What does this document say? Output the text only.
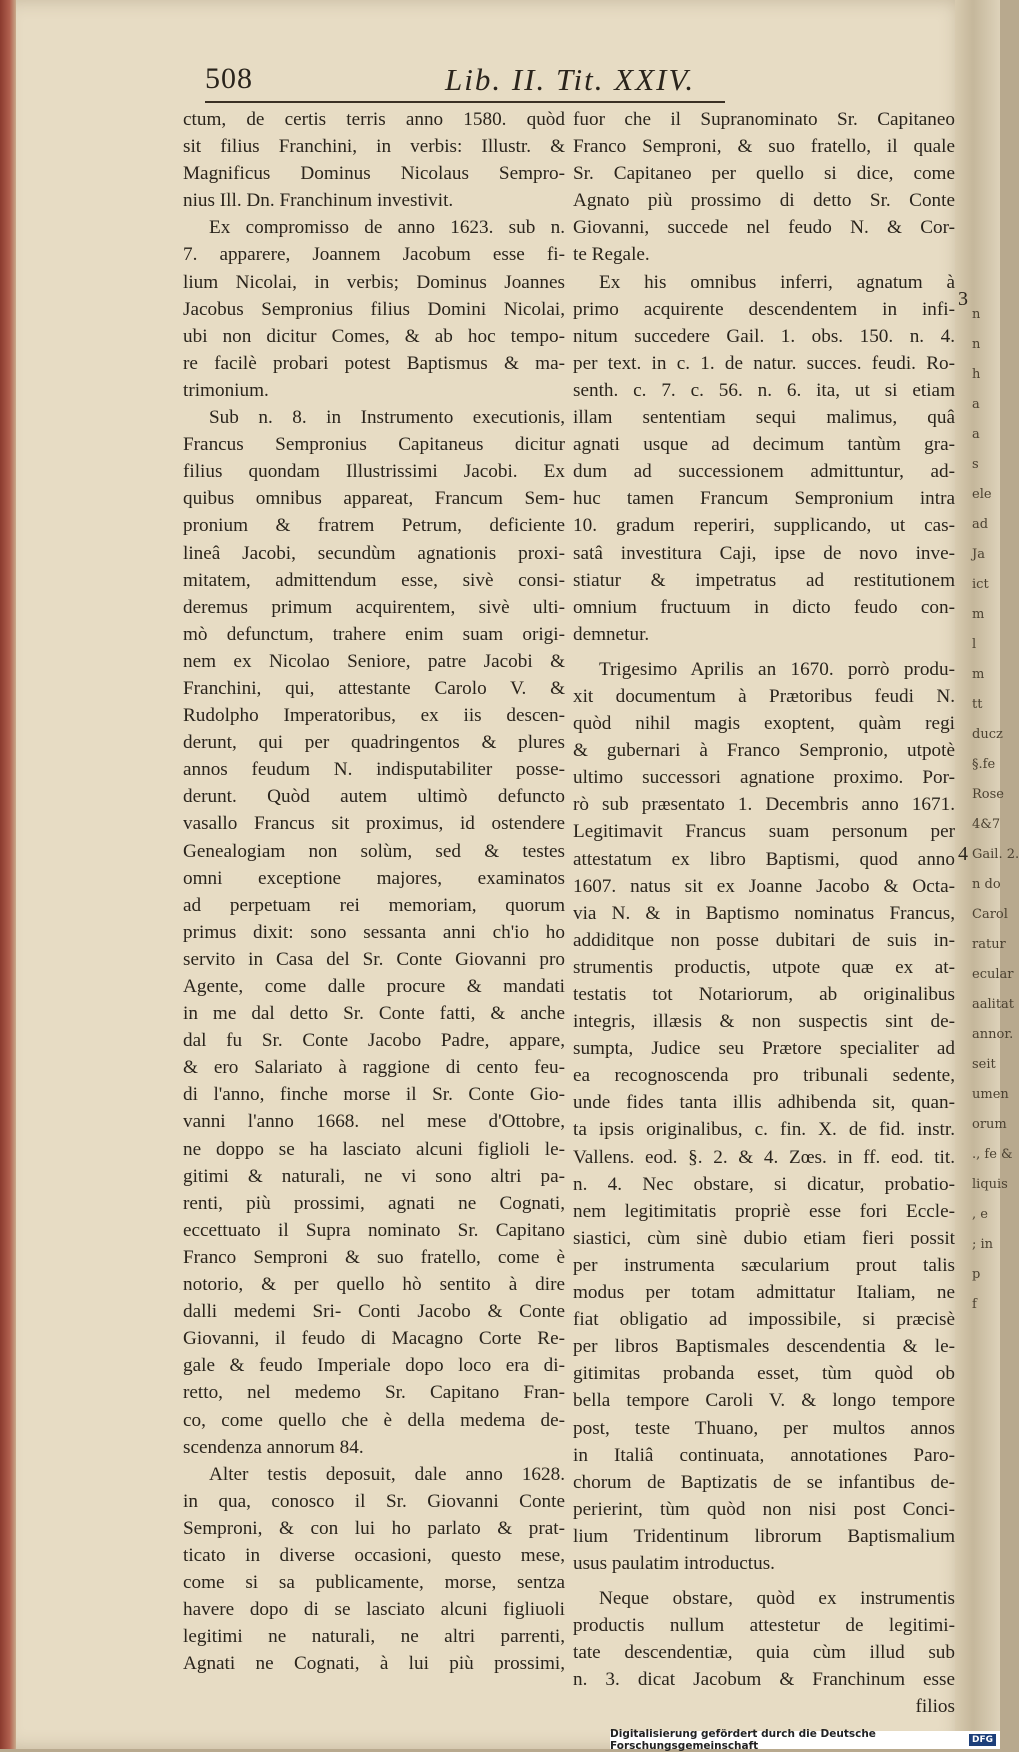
508	Lib. II. Tit. XXIV.
ctum, de certis terris anno 1580. quòd
sit filius Franchini, in verbis: Illustr. &
Magnificus Dominus Nicolaus Sempro-
nius Ill. Dn. Franchinum investivit.
Ex compromisso de anno 1623. sub n.
7. apparere, Joannem Jacobum esse fi-
lium Nicolai, in verbis; Dominus Joannes
Jacobus Sempronius filius Domini Nicolai,
ubi non dicitur Comes, & ab hoc tempo-
re facilè probari potest Baptismus & ma-
trimonium.
Sub n. 8. in Instrumento executionis,
Francus Sempronius Capitaneus dicitur
filius quondam Illustrissimi Jacobi. Ex
quibus omnibus appareat, Francum Sem-
pronium & fratrem Petrum, deficiente
lineâ Jacobi, secundùm agnationis proxi-
mitatem, admittendum esse, sivè consi-
deremus primum acquirentem, sivè ulti-
mò defunctum, trahere enim suam origi-
nem ex Nicolao Seniore, patre Jacobi &
Franchini, qui, attestante Carolo V. &
Rudolpho Imperatoribus, ex iis descen-
derunt, qui per quadringentos & plures
annos feudum N. indisputabiliter posse-
derunt. Quòd autem ultimò defuncto
vasallo Francus sit proximus, id ostendere
Genealogiam non solùm, sed & testes
omni exceptione majores, examinatos
ad perpetuam rei memoriam, quorum
primus dixit: sono sessanta anni ch'io ho
servito in Casa del Sr. Conte Giovanni pro
Agente, come dalle procure & mandati
in me dal detto Sr. Conte fatti, & anche
dal fu Sr. Conte Jacobo Padre, appare,
& ero Salariato à raggione di cento feu-
di l'anno, finche morse il Sr. Conte Gio-
vanni l'anno 1668. nel mese d'Ottobre,
ne doppo se ha lasciato alcuni figlioli le-
gitimi & naturali, ne vi sono altri pa-
renti, più prossimi, agnati ne Cognati,
eccettuato il Supra nominato Sr. Capitano
Franco Semproni & suo fratello, come è
notorio, & per quello hò sentito à dire
dalli medemi Sri- Conti Jacobo & Conte
Giovanni, il feudo di Macagno Corte Re-
gale & feudo Imperiale dopo loco era di-
retto, nel medemo Sr. Capitano Fran-
co, come quello che è della medema de-
scendenza annorum 84.
Alter testis deposuit, dale anno 1628.
in qua, conosco il Sr. Giovanni Conte
Semproni, & con lui ho parlato & prat-
ticato in diverse occasioni, questo mese,
come si sa publicamente, morse, sentza
havere dopo di se lasciato alcuni figliuoli
legitimi ne naturali, ne altri parrenti,
Agnati ne Cognati, à lui più prossimi,
fuor che il Supranominato Sr. Capitaneo
Franco Semproni, & suo fratello, il quale
Sr. Capitaneo per quello si dice, come
Agnato più prossimo di detto Sr. Conte
Giovanni, succede nel feudo N. & Cor-
te Regale.
Ex his omnibus inferri, agnatum à
primo acquirente descendentem in infi-
nitum succedere Gail. 1. obs. 150. n. 4.
per text. in c. 1. de natur. succes. feudi. Ro-
senth. c. 7. c. 56. n. 6. ita, ut si etiam
illam sententiam sequi malimus, quâ
agnati usque ad decimum tantùm gra-
dum ad successionem admittuntur, ad-
huc tamen Francum Sempronium intra
10. gradum reperiri, supplicando, ut cas-
satâ investitura Caji, ipse de novo inve-
stiatur & impetratus ad restitutionem
omnium fructuum in dicto feudo con-
demnetur.
Trigesimo Aprilis an 1670. porrò produ-
xit documentum à Prætoribus feudi N.
quòd nihil magis exoptent, quàm regi
& gubernari à Franco Sempronio, utpotè
ultimo successori agnatione proximo. Por-
rò sub præsentato 1. Decembris anno 1671.
Legitimavit Francus suam personum per
attestatum ex libro Baptismi, quod anno
1607. natus sit ex Joanne Jacobo & Octa-
via N. & in Baptismo nominatus Francus,
addiditque non posse dubitari de suis in-
strumentis productis, utpote quæ ex at-
testatis tot Notariorum, ab originalibus
integris, illæsis & non suspectis sint de-
sumpta, Judice seu Prætore specialiter ad
ea recognoscenda pro tribunali sedente,
unde fides tanta illis adhibenda sit, quan-
ta ipsis originalibus, c. fin. X. de fid. instr.
Vallens. eod. §. 2. & 4. Zœs. in ff. eod. tit.
n. 4. Nec obstare, si dicatur, probatio-
nem legitimitatis propriè esse fori Eccle-
siastici, cùm sinè dubio etiam fieri possit
per instrumenta sæcularium prout talis
modus per totam admittatur Italiam, ne
fiat obligatio ad impossibile, si præcisè
per libros Baptismales descendentia & le-
gitimitas probanda esset, tùm quòd ob
bella tempore Caroli V. & longo tempore
post, teste Thuano, per multos annos
in Italiâ continuata, annotationes Paro-
chorum de Baptizatis de se infantibus de-
perierint, tùm quòd non nisi post Conci-
lium Tridentinum librorum Baptismalium
usus paulatim introductus.
Neque obstare, quòd ex instrumentis
productis nullum attestetur de legitimi-
tate descendentiæ, quia cùm illud sub
n. 3. dicat Jacobum & Franchinum esse
filios
3
4
n
n
h
a
a
s
ele
ad
Ja
ict
m
l
m
tt
ducz
§.fe
Rose
4&7
Gail. 2.
n do
Carol
ratur
ecular
aalitat
annor.
seit
umen
orum
., fe &
liquis
, e
; in
p
f
Digitalisierung gefördert durch die Deutsche Forschungsgemeinschaft	DFG
